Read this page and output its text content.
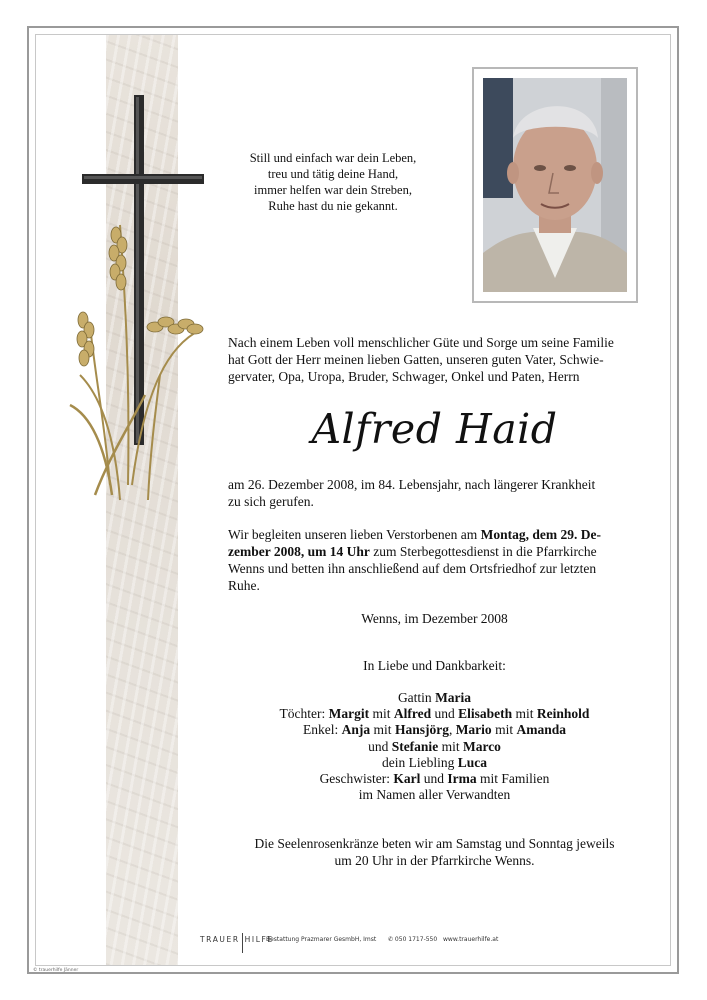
Still und einfach war dein Leben,
treu und tätig deine Hand,
immer helfen war dein Streben,
Ruhe hast du nie gekannt.
Nach einem Leben voll menschlicher Güte und Sorge um seine Familie
hat Gott der Herr meinen lieben Gatten, unseren guten Vater, Schwie-
gervater, Opa, Uropa, Bruder, Schwager, Onkel und Paten, Herrn
Alfred Haid
am 26. Dezember 2008, im 84. Lebensjahr, nach längerer Krankheit
zu sich gerufen.
Wir begleiten unseren lieben Verstorbenen am Montag, dem 29. De-
zember 2008, um 14 Uhr zum Sterbegottesdienst in die Pfarrkirche
Wenns und betten ihn anschließend auf dem Ortsfriedhof zur letzten
Ruhe.
Wenns, im Dezember 2008
In Liebe und Dankbarkeit:
Gattin Maria
Töchter: Margit mit Alfred und Elisabeth mit Reinhold
Enkel: Anja mit Hansjörg, Mario mit Amanda
und Stefanie mit Marco
dein Liebling Luca
Geschwister: Karl und Irma mit Familien
im Namen aller Verwandten
Die Seelenrosenkränze beten wir am Samstag und Sonntag jeweils
um 20 Uhr in der Pfarrkirche Wenns.
TRAUER HILFE
Bestattung Prazmarer GesmbH, Imst ✆ 050 1717-550 www.trauerhilfe.at
© trauerhilfe Jänner
